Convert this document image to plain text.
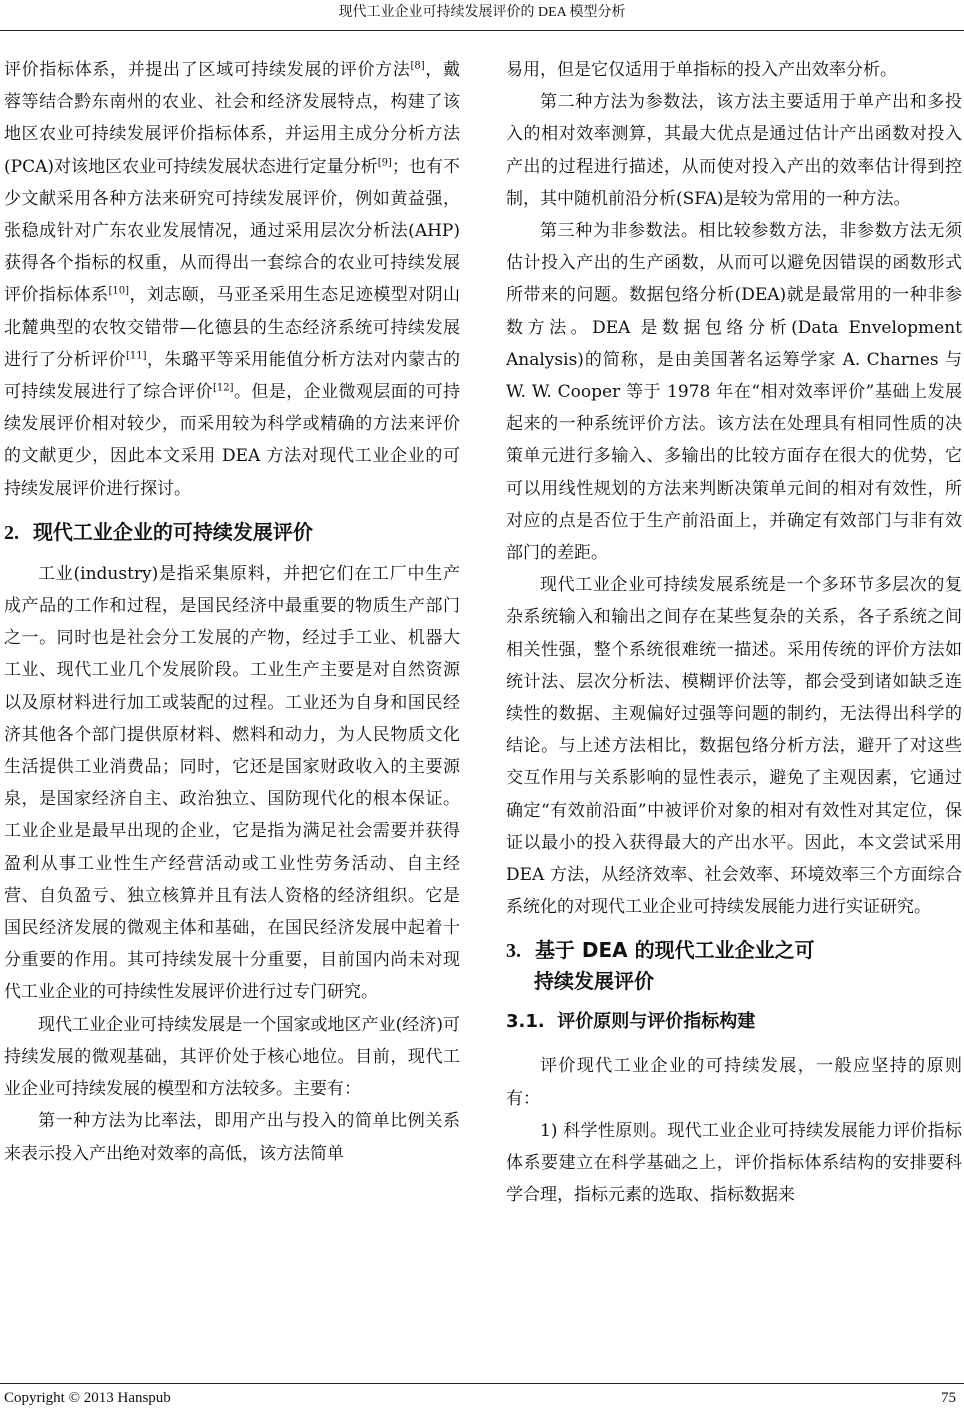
现代工业企业可持续发展评价的 DEA 模型分析

评价指标体系，并提出了区域可持续发展的评价方法[8]，戴蓉等结合黔东南州的农业、社会和经济发展特点，构建了该地区农业可持续发展评价指标体系，并运用主成分分析方法(PCA)对该地区农业可持续发展状态进行定量分析[9]；也有不少文献采用各种方法来研究可持续发展评价，例如黄益强，张稳成针对广东农业发展情况，通过采用层次分析法(AHP)获得各个指标的权重，从而得出一套综合的农业可持续发展评价指标体系[10]，刘志颐，马亚圣采用生态足迹模型对阴山北麓典型的农牧交错带—化德县的生态经济系统可持续发展进行了分析评价[11]，朱璐平等采用能值分析方法对内蒙古的可持续发展进行了综合评价[12]。但是，企业微观层面的可持续发展评价相对较少，而采用较为科学或精确的方法来评价的文献更少，因此本文采用 DEA 方法对现代工业企业的可持续发展评价进行探讨。

2. 现代工业企业的可持续发展评价

工业(industry)是指采集原料，并把它们在工厂中生产成产品的工作和过程，是国民经济中最重要的物质生产部门之一。同时也是社会分工发展的产物，经过手工业、机器大工业、现代工业几个发展阶段。工业生产主要是对自然资源以及原材料进行加工或装配的过程。工业还为自身和国民经济其他各个部门提供原材料、燃料和动力，为人民物质文化生活提供工业消费品；同时，它还是国家财政收入的主要源泉，是国家经济自主、政治独立、国防现代化的根本保证。工业企业是最早出现的企业，它是指为满足社会需要并获得盈利从事工业性生产经营活动或工业性劳务活动、自主经营、自负盈亏、独立核算并且有法人资格的经济组织。它是国民经济发展的微观主体和基础，在国民经济发展中起着十分重要的作用。其可持续发展十分重要，目前国内尚未对现代工业企业的可持续性发展评价进行过专门研究。

现代工业企业可持续发展是一个国家或地区产业(经济)可持续发展的微观基础，其评价处于核心地位。目前，现代工业企业可持续发展的模型和方法较多。主要有：

第一种方法为比率法，即用产出与投入的简单比例关系来表示投入产出绝对效率的高低，该方法简单

易用，但是它仅适用于单指标的投入产出效率分析。

第二种方法为参数法，该方法主要适用于单产出和多投入的相对效率测算，其最大优点是通过估计产出函数对投入产出的过程进行描述，从而使对投入产出的效率估计得到控制，其中随机前沿分析(SFA)是较为常用的一种方法。

第三种为非参数法。相比较参数方法，非参数方法无须估计投入产出的生产函数，从而可以避免因错误的函数形式所带来的问题。数据包络分析(DEA)就是最常用的一种非参数方法。DEA 是数据包络分析(Data Envelopment Analysis)的简称，是由美国著名运筹学家 A. Charnes 与 W. W. Cooper 等于 1978 年在“相对效率评价”基础上发展起来的一种系统评价方法。该方法在处理具有相同性质的决策单元进行多输入、多输出的比较方面存在很大的优势，它可以用线性规划的方法来判断决策单元间的相对有效性，所对应的点是否位于生产前沿面上，并确定有效部门与非有效部门的差距。

现代工业企业可持续发展系统是一个多环节多层次的复杂系统输入和输出之间存在某些复杂的关系，各子系统之间相关性强，整个系统很难统一描述。采用传统的评价方法如统计法、层次分析法、模糊评价法等，都会受到诸如缺乏连续性的数据、主观偏好过强等问题的制约，无法得出科学的结论。与上述方法相比，数据包络分析方法，避开了对这些交互作用与关系影响的显性表示，避免了主观因素，它通过确定“有效前沿面”中被评价对象的相对有效性对其定位，保证以最小的投入获得最大的产出水平。因此，本文尝试采用 DEA 方法，从经济效率、社会效率、环境效率三个方面综合系统化的对现代工业企业可持续发展能力进行实证研究。

3. 基于 DEA 的现代工业企业之可
持续发展评价
3.1. 评价原则与评价指标构建

评价现代工业企业的可持续发展，一般应坚持的原则有：

1) 科学性原则。现代工业企业可持续发展能力评价指标体系要建立在科学基础之上，评价指标体系结构的安排要科学合理，指标元素的选取、指标数据来

Copyright © 2013 Hanspub	75
